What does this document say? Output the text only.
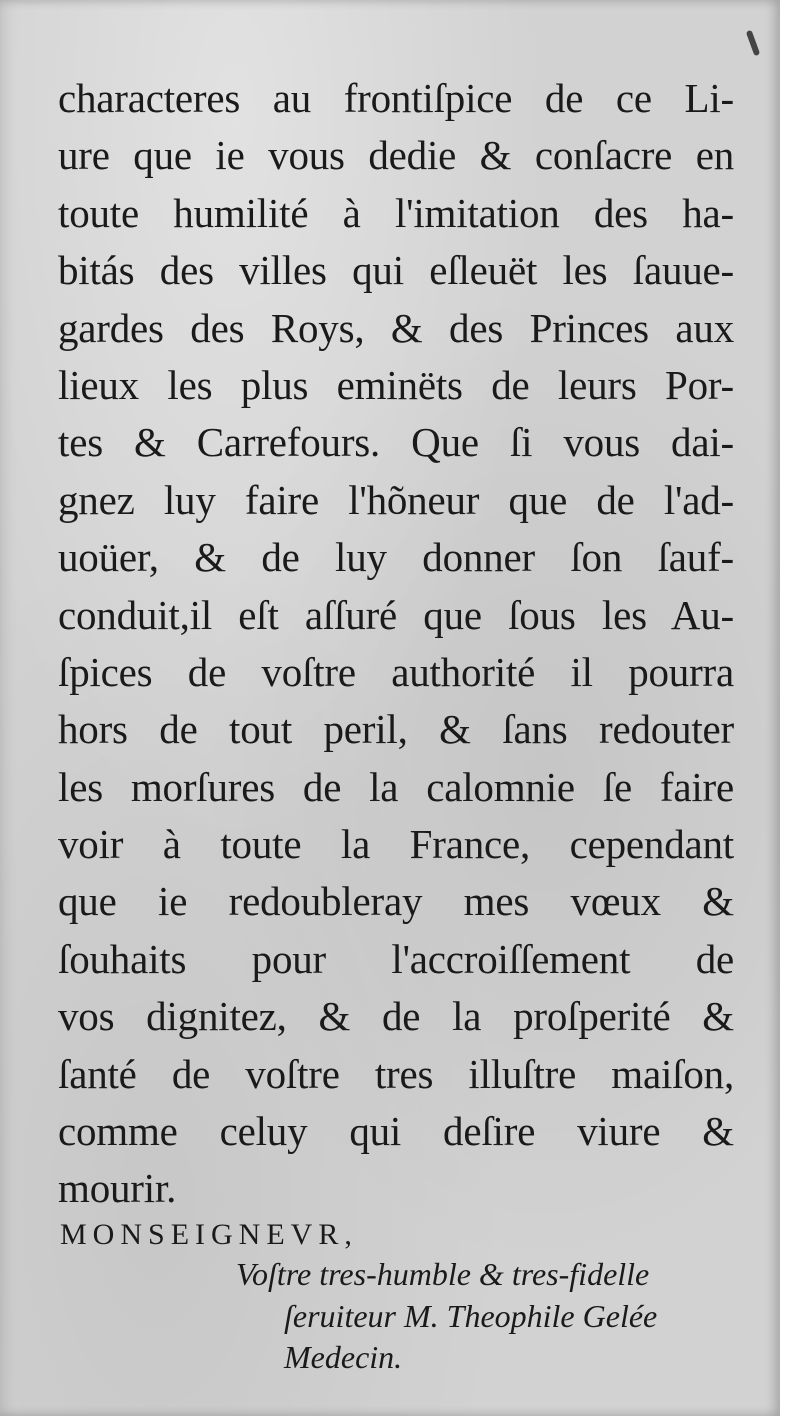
characteres au frontiſpice de ce Li-
ure que ie vous dedie & conſacre en
toute humilité à l'imitation des ha-
bitás des villes qui eſleuët les ſauue-
gardes des Roys, & des Princes aux
lieux les plus eminëts de leurs Por-
tes & Carrefours. Que ſi vous dai-
gnez luy faire l'hõneur que de l'ad-
uoüer, & de luy donner ſon ſauf-
conduit,il eſt aſſuré que ſous les Au-
ſpices de voſtre authorité il pourra
hors de tout peril, & ſans redouter
les morſures de la calomnie ſe faire
voir à toute la France, cependant
que ie redoubleray mes vœux &
ſouhaits pour l'accroiſſement de
vos dignitez, & de la proſperité &
ſanté de voſtre tres illuſtre maiſon,
comme celuy qui deſire viure &
mourir.
MONSEIGNEVR,
Voſtre tres-humble & tres-fidelle
ſeruiteur M. Theophile Gelée
Medecin.
